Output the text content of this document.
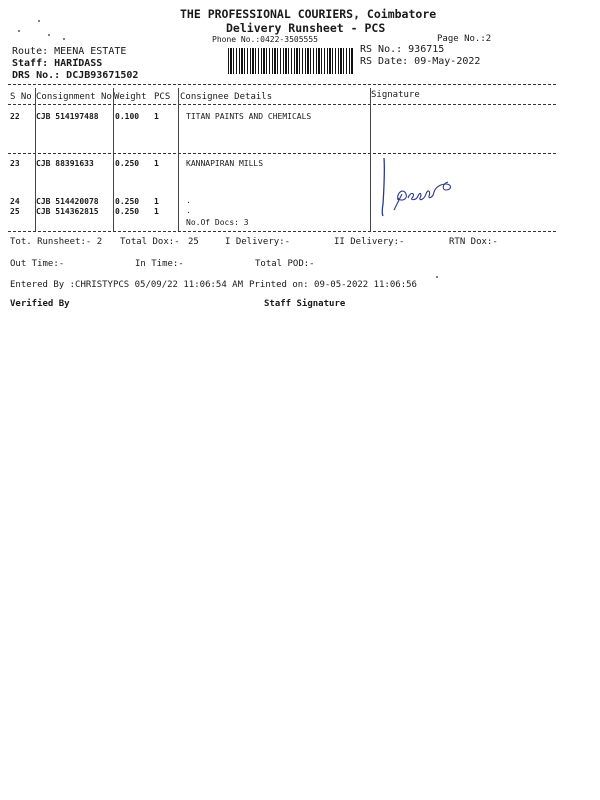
THE PROFESSIONAL COURIERS, Coimbatore
Delivery Runsheet - PCS
Phone No.:0422-3505555	Page No.:2
Route: MEENA ESTATE
Staff: HARIDASS
DRS No.: DCJB93671502
RS No.: 936715
RS Date: 09-May-2022
S No Consignment No Weight PCS Consignee Details	Signature
22 CJB 514197488 0.100 1	TITAN PAINTS AND CHEMICALS
23 CJB 88391633	0.250 1	KANNAPIRAN MILLS
24 CJB 514420078 0.250 1	.
25 CJB 514362815 0.250 1	.
No.Of Docs: 3
P.Selvino
Tot. Runsheet:- 2 Total Dox:- 25	I Delivery:-	II Delivery:-	RTN Dox:-
Out Time:-	In Time:-	Total POD:-
Entered By :CHRISTYPCS 05/09/22 11:06:54 AM Printed on: 09-05-2022 11:06:56
Verified By	Staff Signature
